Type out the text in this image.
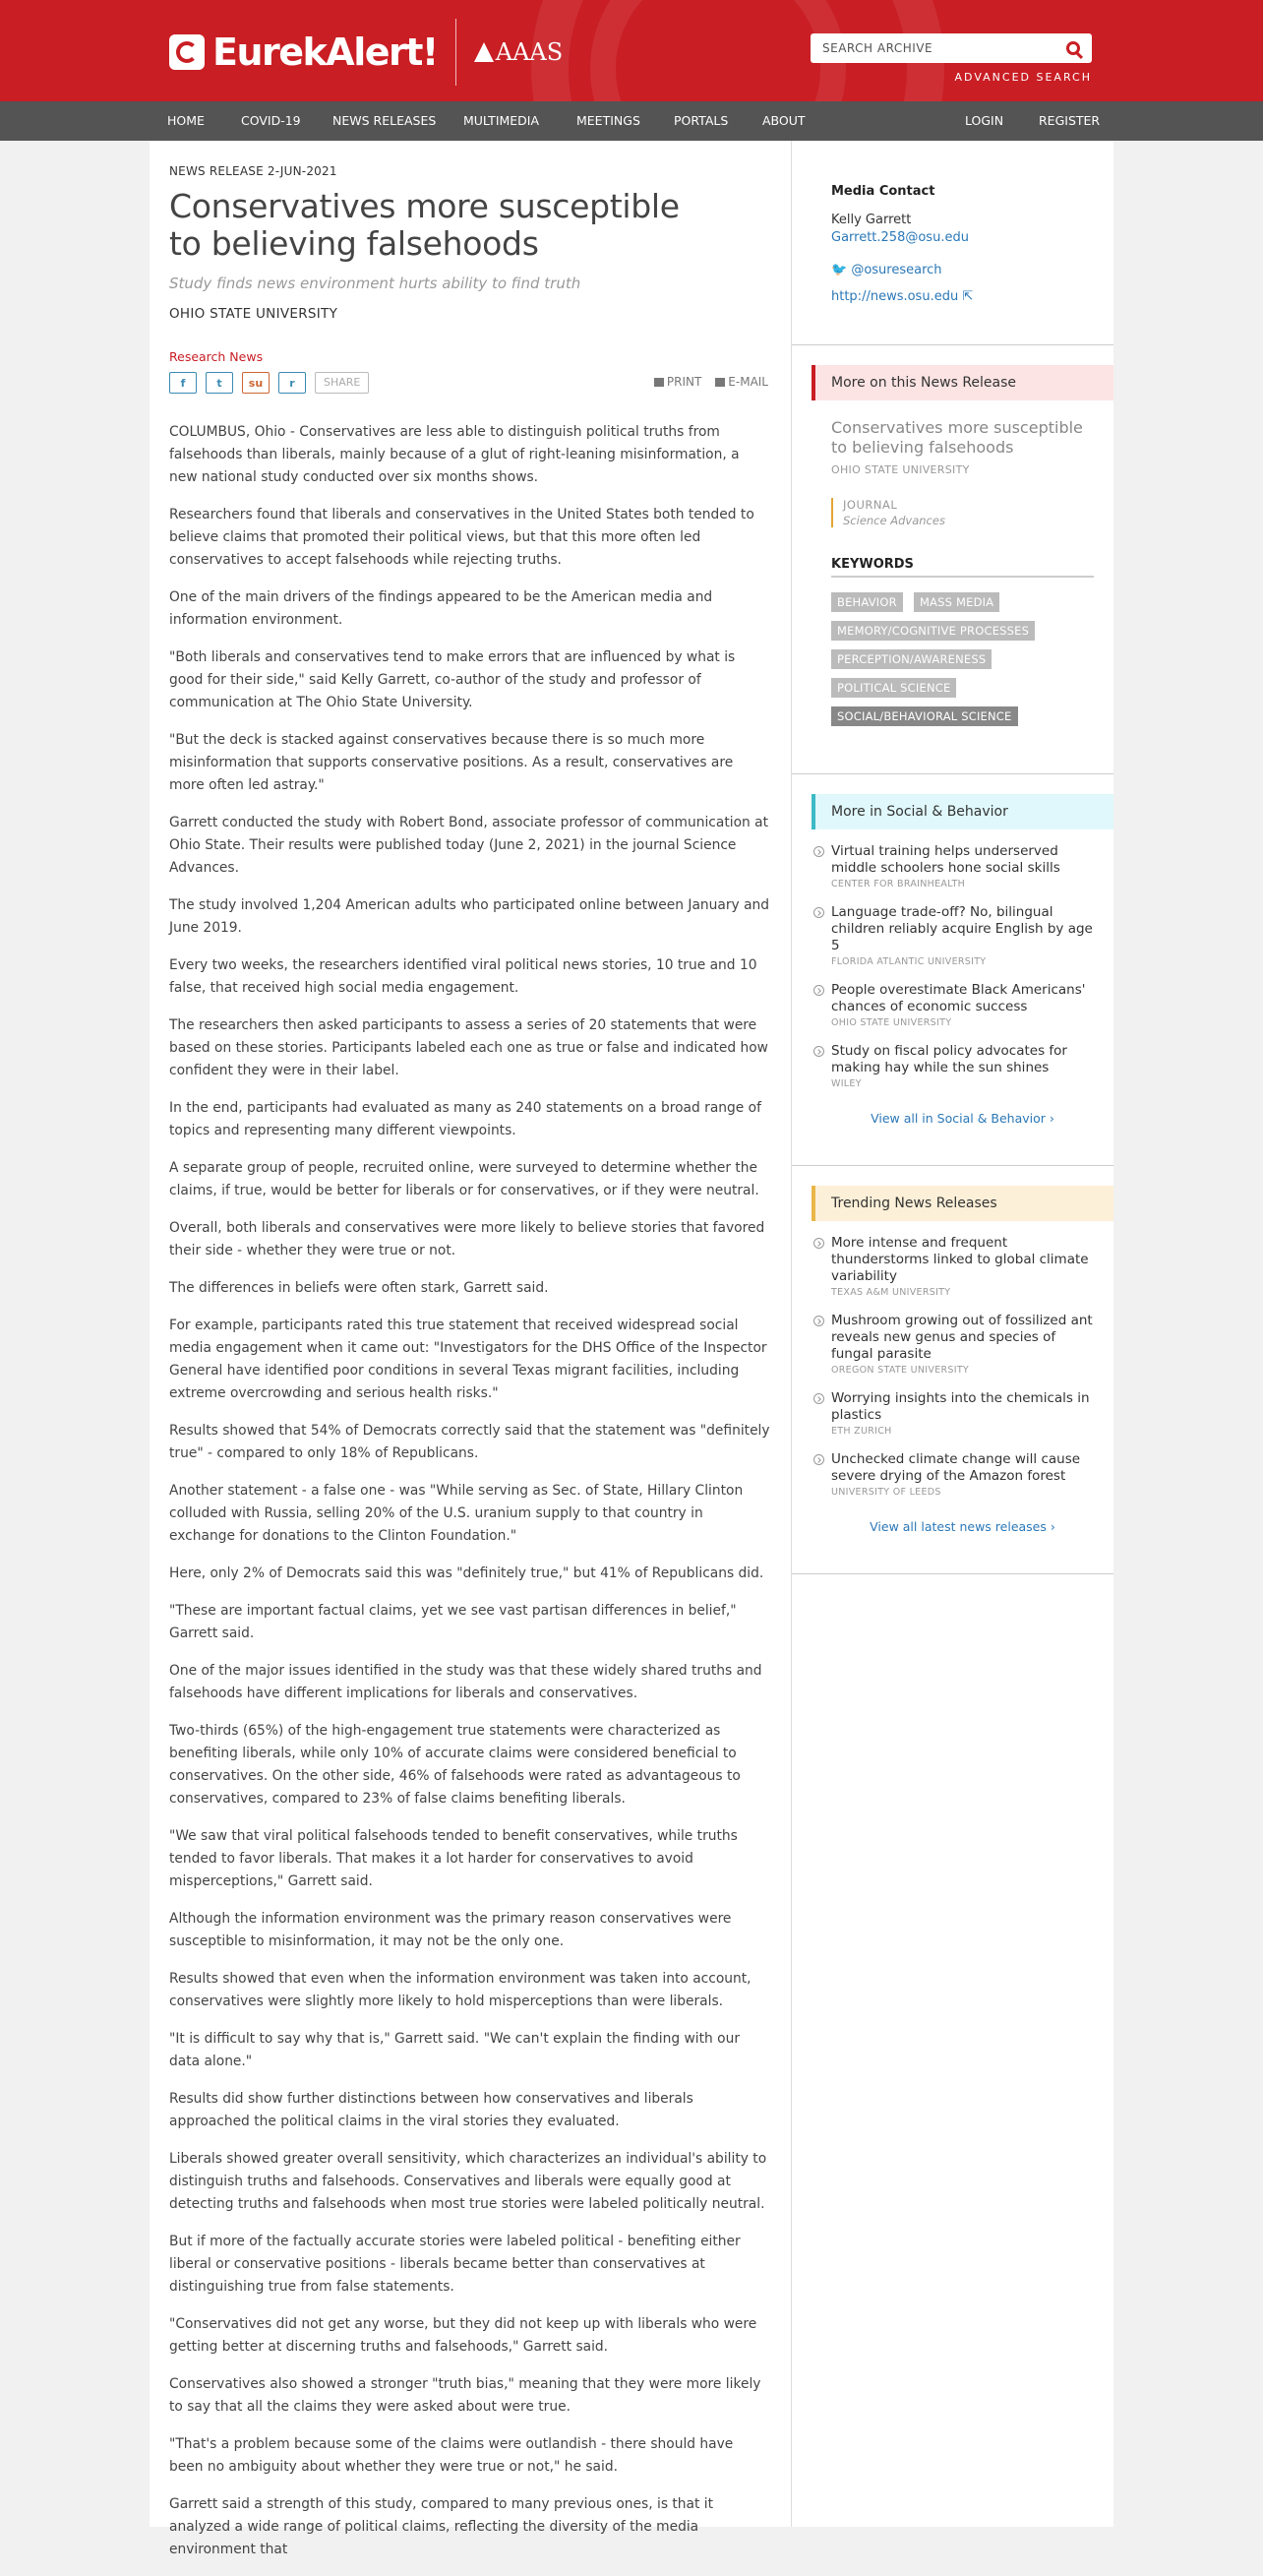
EurekAlert! AAAS
SEARCH ARCHIVE
ADVANCED SEARCH
HOME	COVID-19	NEWS RELEASES MULTIMEDIA	MEETINGS	PORTALS	ABOUT	LOGIN	REGISTER
NEWS RELEASE 2-JUN-2021
Conservatives more susceptible to believing falsehoods
Study finds news environment hurts ability to find truth
OHIO STATE UNIVERSITY
Research News
f	t	su	r	SHARE	PRINT	E-MAIL

COLUMBUS, Ohio - Conservatives are less able to distinguish political truths from falsehoods than liberals, mainly because of a glut of right-leaning misinformation, a new national study conducted over six months shows.

Researchers found that liberals and conservatives in the United States both tended to believe claims that promoted their political views, but that this more often led conservatives to accept falsehoods while rejecting truths.

One of the main drivers of the findings appeared to be the American media and information environment.

"Both liberals and conservatives tend to make errors that are influenced by what is good for their side," said Kelly Garrett, co-author of the study and professor of communication at The Ohio State University.

"But the deck is stacked against conservatives because there is so much more misinformation that supports conservative positions. As a result, conservatives are more often led astray."

Garrett conducted the study with Robert Bond, associate professor of communication at Ohio State. Their results were published today (June 2, 2021) in the journal Science Advances.

The study involved 1,204 American adults who participated online between January and June 2019.

Every two weeks, the researchers identified viral political news stories, 10 true and 10 false, that received high social media engagement.

The researchers then asked participants to assess a series of 20 statements that were based on these stories. Participants labeled each one as true or false and indicated how confident they were in their label.

In the end, participants had evaluated as many as 240 statements on a broad range of topics and representing many different viewpoints.

A separate group of people, recruited online, were surveyed to determine whether the claims, if true, would be better for liberals or for conservatives, or if they were neutral.

Overall, both liberals and conservatives were more likely to believe stories that favored their side - whether they were true or not.

The differences in beliefs were often stark, Garrett said.

For example, participants rated this true statement that received widespread social media engagement when it came out: "Investigators for the DHS Office of the Inspector General have identified poor conditions in several Texas migrant facilities, including extreme overcrowding and serious health risks."

Results showed that 54% of Democrats correctly said that the statement was "definitely true" - compared to only 18% of Republicans.

Another statement - a false one - was "While serving as Sec. of State, Hillary Clinton colluded with Russia, selling 20% of the U.S. uranium supply to that country in exchange for donations to the Clinton Foundation."

Here, only 2% of Democrats said this was "definitely true," but 41% of Republicans did.

"These are important factual claims, yet we see vast partisan differences in belief," Garrett said.

One of the major issues identified in the study was that these widely shared truths and falsehoods have different implications for liberals and conservatives.

Two-thirds (65%) of the high-engagement true statements were characterized as benefiting liberals, while only 10% of accurate claims were considered beneficial to conservatives. On the other side, 46% of falsehoods were rated as advantageous to conservatives, compared to 23% of false claims benefiting liberals.

"We saw that viral political falsehoods tended to benefit conservatives, while truths tended to favor liberals. That makes it a lot harder for conservatives to avoid misperceptions," Garrett said.

Although the information environment was the primary reason conservatives were susceptible to misinformation, it may not be the only one.

Results showed that even when the information environment was taken into account, conservatives were slightly more likely to hold misperceptions than were liberals.

"It is difficult to say why that is," Garrett said. "We can't explain the finding with our data alone."

Results did show further distinctions between how conservatives and liberals approached the political claims in the viral stories they evaluated.

Liberals showed greater overall sensitivity, which characterizes an individual's ability to distinguish truths and falsehoods. Conservatives and liberals were equally good at detecting truths and falsehoods when most true stories were labeled politically neutral.

But if more of the factually accurate stories were labeled political - benefiting either liberal or conservative positions - liberals became better than conservatives at distinguishing true from false statements.

"Conservatives did not get any worse, but they did not keep up with liberals who were getting better at discerning truths and falsehoods," Garrett said.

Conservatives also showed a stronger "truth bias," meaning that they were more likely to say that all the claims they were asked about were true.

"That's a problem because some of the claims were outlandish - there should have been no ambiguity about whether they were true or not," he said.

Garrett said a strength of this study, compared to many previous ones, is that it analyzed a wide range of political claims, reflecting the diversity of the media environment that

Media Contact
Kelly Garrett
Garrett.258@osu.edu
🐦 @osuresearch
http://news.osu.edu ⇱
More on this News Release
Conservatives more susceptible to believing falsehoods
OHIO STATE UNIVERSITY
JOURNAL
Science Advances
KEYWORDS
BEHAVIOR MASS MEDIA
MEMORY/COGNITIVE PROCESSES
PERCEPTION/AWARENESS
POLITICAL SCIENCE
SOCIAL/BEHAVIORAL SCIENCE
More in Social & Behavior
Virtual training helps underserved middle schoolers hone social skills
CENTER FOR BRAINHEALTH
Language trade-off? No, bilingual children reliably acquire English by age 5
FLORIDA ATLANTIC UNIVERSITY
People overestimate Black Americans' chances of economic success
OHIO STATE UNIVERSITY
Study on fiscal policy advocates for making hay while the sun shines
WILEY
View all in Social & Behavior ›
Trending News Releases
More intense and frequent thunderstorms linked to global climate variability
TEXAS A&M UNIVERSITY
Mushroom growing out of fossilized ant reveals new genus and species of fungal parasite
OREGON STATE UNIVERSITY
Worrying insights into the chemicals in plastics
ETH ZURICH
Unchecked climate change will cause severe drying of the Amazon forest
UNIVERSITY OF LEEDS
View all latest news releases ›
